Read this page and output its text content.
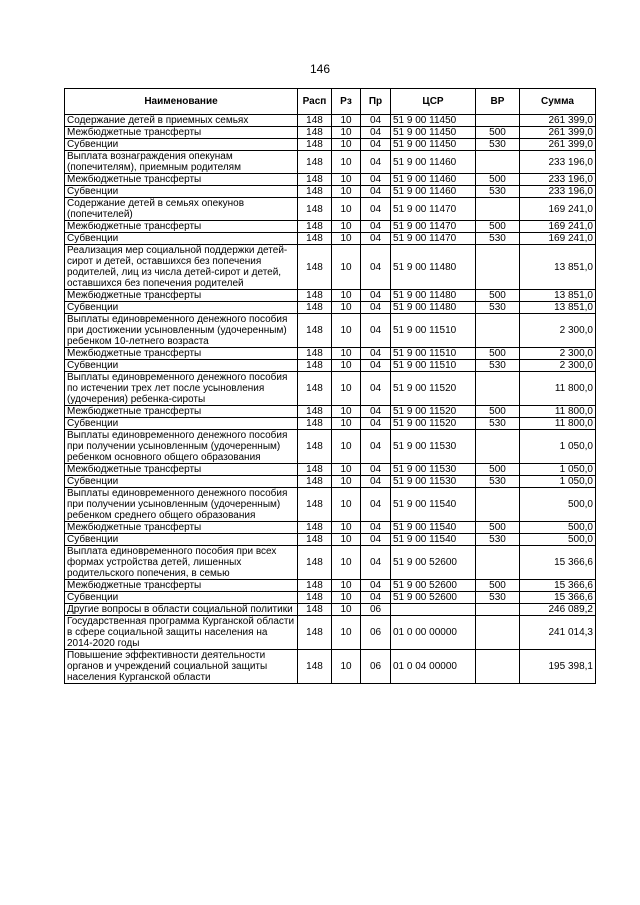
146
Наименование	Расп	Рз	Пр	ЦСР	ВР	Сумма
Содержание детей в приемных семьях	148	10	04	51 9 00 11450		261 399,0
Межбюджетные трансферты	148	10	04	51 9 00 11450	500	261 399,0
Субвенции	148	10	04	51 9 00 11450	530	261 399,0
Выплата вознаграждения опекунам (попечителям), приемным родителям	148	10	04	51 9 00 11460		233 196,0
Межбюджетные трансферты	148	10	04	51 9 00 11460	500	233 196,0
Субвенции	148	10	04	51 9 00 11460	530	233 196,0
Содержание детей в семьях опекунов (попечителей)	148	10	04	51 9 00 11470		169 241,0
Межбюджетные трансферты	148	10	04	51 9 00 11470	500	169 241,0
Субвенции	148	10	04	51 9 00 11470	530	169 241,0
Реализация мер социальной поддержки детей-сирот и детей, оставшихся без попечения родителей, лиц из числа детей-сирот и детей, оставшихся без попечения родителей	148	10	04	51 9 00 11480		13 851,0
Межбюджетные трансферты	148	10	04	51 9 00 11480	500	13 851,0
Субвенции	148	10	04	51 9 00 11480	530	13 851,0
Выплаты единовременного денежного пособия при достижении усыновленным (удочеренным) ребенком 10-летнего возраста	148	10	04	51 9 00 11510		2 300,0
Межбюджетные трансферты	148	10	04	51 9 00 11510	500	2 300,0
Субвенции	148	10	04	51 9 00 11510	530	2 300,0
Выплаты единовременного денежного пособия по истечении трех лет после усыновления (удочерения) ребенка-сироты	148	10	04	51 9 00 11520		11 800,0
Межбюджетные трансферты	148	10	04	51 9 00 11520	500	11 800,0
Субвенции	148	10	04	51 9 00 11520	530	11 800,0
Выплаты единовременного денежного пособия при получении усыновленным (удочеренным) ребенком основного общего образования	148	10	04	51 9 00 11530		1 050,0
Межбюджетные трансферты	148	10	04	51 9 00 11530	500	1 050,0
Субвенции	148	10	04	51 9 00 11530	530	1 050,0
Выплаты единовременного денежного пособия при получении усыновленным (удочеренным) ребенком среднего общего образования	148	10	04	51 9 00 11540		500,0
Межбюджетные трансферты	148	10	04	51 9 00 11540	500	500,0
Субвенции	148	10	04	51 9 00 11540	530	500,0
Выплата единовременного пособия при всех формах устройства детей, лишенных родительского попечения, в семью	148	10	04	51 9 00 52600		15 366,6
Межбюджетные трансферты	148	10	04	51 9 00 52600	500	15 366,6
Субвенции	148	10	04	51 9 00 52600	530	15 366,6
Другие вопросы в области социальной политики	148	10	06			246 089,2
Государственная программа Курганской области в сфере социальной защиты населения на 2014-2020 годы	148	10	06	01 0 00 00000		241 014,3
Повышение эффективности деятельности органов и учреждений социальной защиты населения Курганской области	148	10	06	01 0 04 00000		195 398,1
